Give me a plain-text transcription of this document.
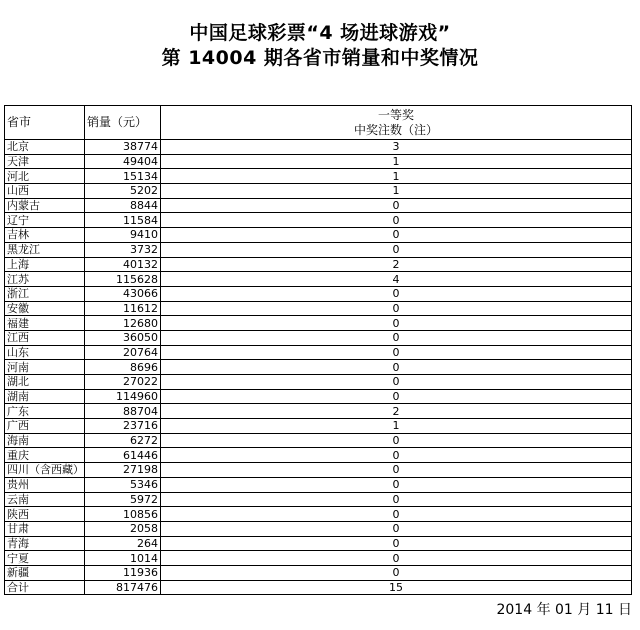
中国足球彩票“4 场进球游戏”
第 14004 期各省市销量和中奖情况
省市	销量（元）	一等奖
中奖注数（注）

北京	38774	3
天津	49404	1
河北	15134	1
山西	5202	1
内蒙古	8844	0
辽宁	11584	0
吉林	9410	0
黑龙江	3732	0
上海	40132	2
江苏	115628	4
浙江	43066	0
安徽	11612	0
福建	12680	0
江西	36050	0
山东	20764	0
河南	8696	0
湖北	27022	0
湖南	114960	0
广东	88704	2
广西	23716	1
海南	6272	0
重庆	61446	0
四川（含西藏）	27198	0
贵州	5346	0
云南	5972	0
陕西	10856	0
甘肃	2058	0
青海	264	0
宁夏	1014	0
新疆	11936	0
合计	817476	15
2014 年 01 月 11 日
